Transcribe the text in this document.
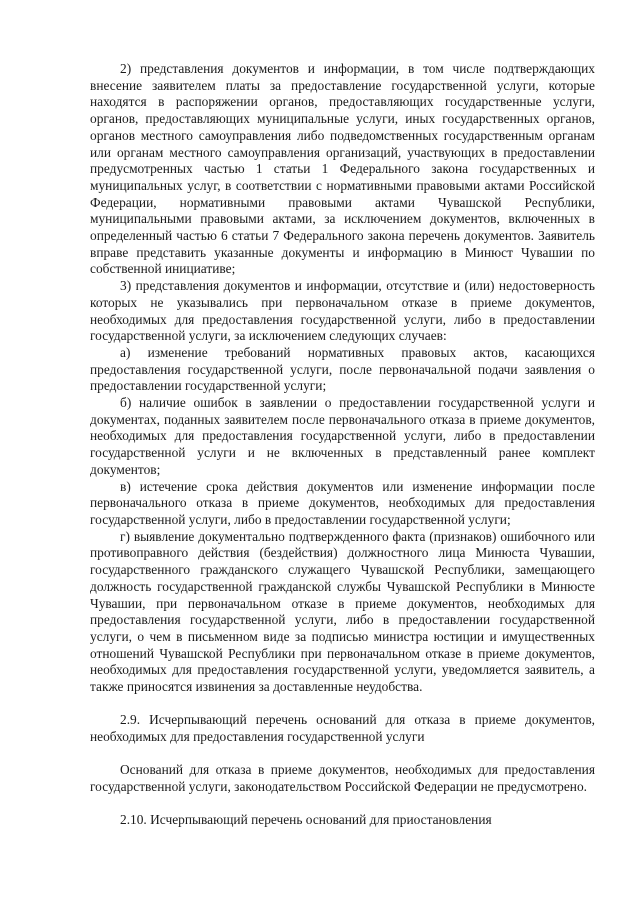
2) представления документов и информации, в том числе подтверждающих внесение заявителем платы за предоставление государственной услуги, которые находятся в распоряжении органов, предоставляющих государственные услуги, органов, предоставляющих муниципальные услуги, иных государственных органов, органов местного самоуправления либо подведомственных государственным органам или органам местного самоуправления организаций, участвующих в предоставлении предусмотренных частью 1 статьи 1 Федерального закона государственных и муниципальных услуг, в соответствии с нормативными правовыми актами Российской Федерации, нормативными правовыми актами Чувашской Республики, муниципальными правовыми актами, за исключением документов, включенных в определенный частью 6 статьи 7 Федерального закона перечень документов. Заявитель вправе представить указанные документы и информацию в Минюст Чувашии по собственной инициативе;

3) представления документов и информации, отсутствие и (или) недостоверность которых не указывались при первоначальном отказе в приеме документов, необходимых для предоставления государственной услуги, либо в предоставлении государственной услуги, за исключением следующих случаев:

а) изменение требований нормативных правовых актов, касающихся предоставления государственной услуги, после первоначальной подачи заявления о предоставлении государственной услуги;

б) наличие ошибок в заявлении о предоставлении государственной услуги и документах, поданных заявителем после первоначального отказа в приеме документов, необходимых для предоставления государственной услуги, либо в предоставлении государственной услуги и не включенных в представленный ранее комплект документов;

в) истечение срока действия документов или изменение информации после первоначального отказа в приеме документов, необходимых для предоставления государственной услуги, либо в предоставлении государственной услуги;

г) выявление документально подтвержденного факта (признаков) ошибочного или противоправного действия (бездействия) должностного лица Минюста Чувашии, государственного гражданского служащего Чувашской Республики, замещающего должность государственной гражданской службы Чувашской Республики в Минюсте Чувашии, при первоначальном отказе в приеме документов, необходимых для предоставления государственной услуги, либо в предоставлении государственной услуги, о чем в письменном виде за подписью министра юстиции и имущественных отношений Чувашской Республики при первоначальном отказе в приеме документов, необходимых для предоставления государственной услуги, уведомляется заявитель, а также приносятся извинения за доставленные неудобства.

2.9. Исчерпывающий перечень оснований для отказа в приеме документов, необходимых для предоставления государственной услуги

Оснований для отказа в приеме документов, необходимых для предоставления государственной услуги, законодательством Российской Федерации не предусмотрено.

2.10. Исчерпывающий перечень оснований для приостановления
